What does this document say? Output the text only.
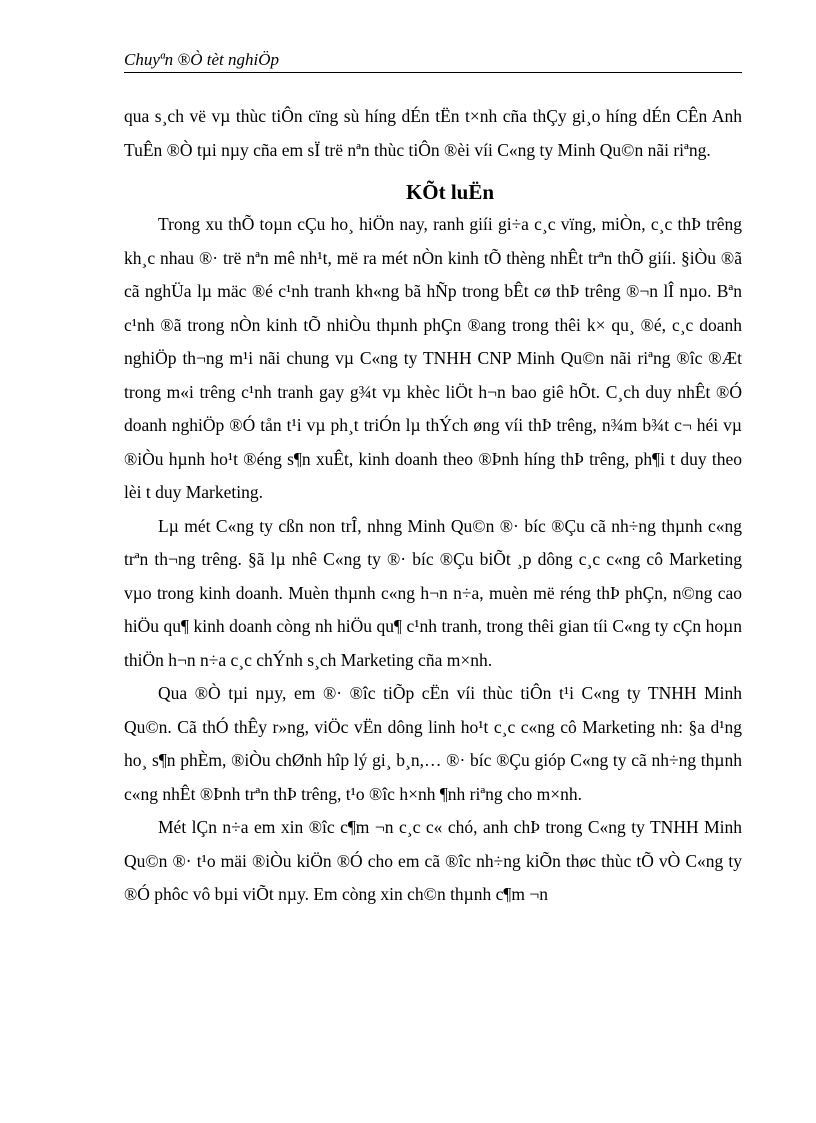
Chuyªn ®Ò tèt nghiÖp

qua s¸ch vë vµ thùc tiÔn cïng sù híng dÉn tËn t×nh cña thÇy gi¸o híng dÉn CÊn Anh TuÊn ®Ò tµi nµy cña em sÏ trë nªn thùc tiÔn ®èi víi C«ng ty Minh Qu©n nãi riªng.

KÕt luËn

Trong xu thÕ toµn cÇu ho¸ hiÖn nay, ranh giíi gi÷a c¸c vïng, miÒn, c¸c thÞ trêng kh¸c nhau ®· trë nªn mê nh¹t, më ra mét nÒn kinh tÕ thèng nhÊt trªn thÕ giíi. §iÒu ®ã cã nghÜa lµ mäc ®é c¹nh tranh kh«ng bã hÑp trong bÊt cø thÞ trêng ®¬n lÎ nµo. Bªn c¹nh ®ã trong nÒn kinh tÕ nhiÒu thµnh phÇn ®ang trong thêi k× qu¸ ®é, c¸c doanh nghiÖp th¬ng m¹i nãi chung vµ C«ng ty TNHH CNP Minh Qu©n nãi riªng ®îc ®Æt trong m«i trêng c¹nh tranh gay g¾t vµ khèc liÖt h¬n bao giê hÕt. C¸ch duy nhÊt ®Ó doanh nghiÖp ®Ó tån t¹i vµ ph¸t triÓn lµ thÝch øng víi thÞ trêng, n¾m b¾t c¬ héi vµ ®iÒu hµnh ho¹t ®éng s¶n xuÊt, kinh doanh theo ®Þnh híng thÞ trêng, ph¶i t duy theo lèi t duy Marketing.

Lµ mét C«ng ty cßn non trÎ, nhng Minh Qu©n ®· bíc ®Çu cã nh÷ng thµnh c«ng trªn th¬ng trêng. §ã lµ nhê C«ng ty ®· bíc ®Çu biÕt ¸p dông c¸c c«ng cô Marketing vµo trong kinh doanh. Muèn thµnh c«ng h¬n n÷a, muèn më réng thÞ phÇn, n©ng cao hiÖu qu¶ kinh doanh còng nh hiÖu qu¶ c¹nh tranh, trong thêi gian tíi C«ng ty cÇn hoµn thiÖn h¬n n÷a c¸c chÝnh s¸ch Marketing cña m×nh.

Qua ®Ò tµi nµy, em ®· ®îc tiÕp cËn víi thùc tiÔn t¹i C«ng ty TNHH Minh Qu©n. Cã thÓ thÊy r»ng, viÖc vËn dông linh ho¹t c¸c c«ng cô Marketing nh: §a d¹ng ho¸ s¶n phÈm, ®iÒu chØnh hîp lý gi¸ b¸n,… ®· bíc ®Çu gióp C«ng ty cã nh÷ng thµnh c«ng nhÊt ®Þnh trªn thÞ trêng, t¹o ®îc h×nh ¶nh riªng cho m×nh.

Mét lÇn n÷a em xin ®îc c¶m ¬n c¸c c« chó, anh chÞ trong C«ng ty TNHH Minh Qu©n ®· t¹o mäi ®iÒu kiÖn ®Ó cho em cã ®îc nh÷ng kiÕn thøc thùc tÕ vÒ C«ng ty ®Ó phôc vô bµi viÕt nµy. Em còng xin ch©n thµnh c¶m ¬n
